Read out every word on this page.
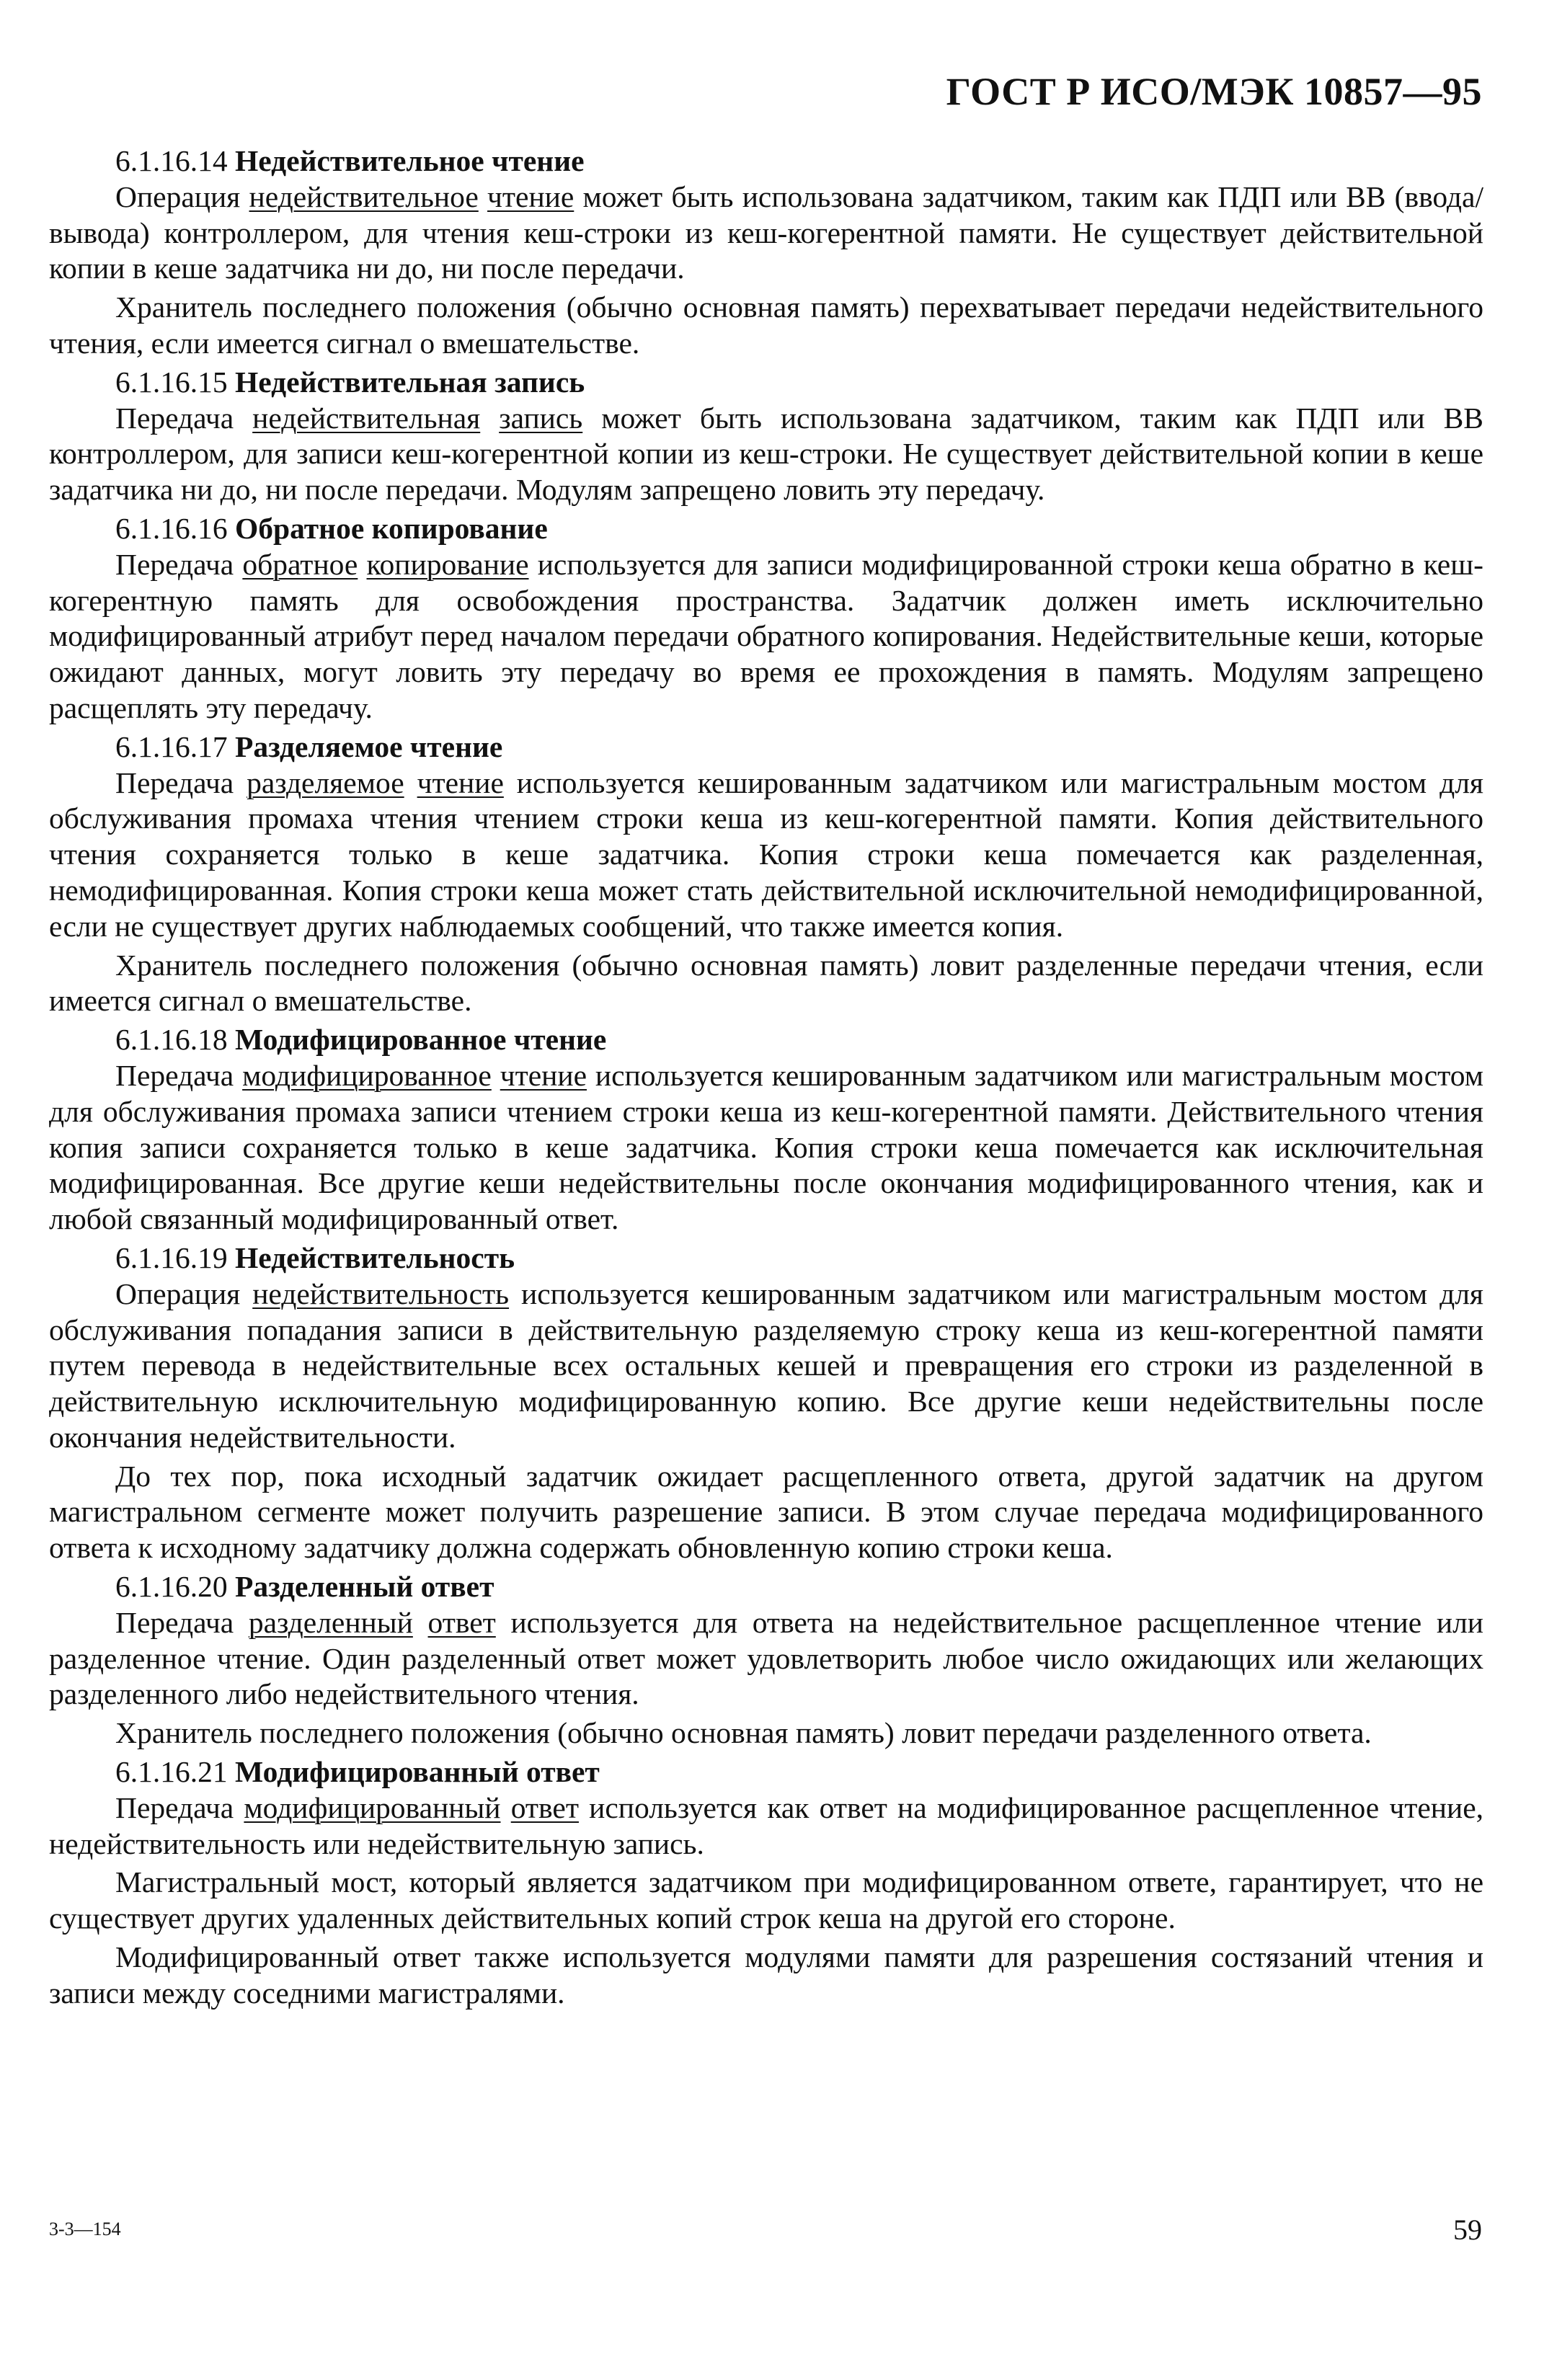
ГОСТ Р ИСО/МЭК 10857—95

6.1.16.14 Недействительное чтение

Операция недействительное чтение может быть использована задатчиком, таким как ПДП или ВВ (ввода/вывода) контроллером, для чтения кеш-строки из кеш-когерентной памяти. Не существует действительной копии в кеше задатчика ни до, ни после передачи.

Хранитель последнего положения (обычно основная память) перехватывает передачи недействительного чтения, если имеется сигнал о вмешательстве.

6.1.16.15 Недействительная запись

Передача недействительная запись может быть использована задатчиком, таким как ПДП или ВВ контроллером, для записи кеш-когерентной копии из кеш-строки. Не существует действительной копии в кеше задатчика ни до, ни после передачи. Модулям запрещено ловить эту передачу.

6.1.16.16 Обратное копирование

Передача обратное копирование используется для записи модифицированной строки кеша обратно в кеш-когерентную память для освобождения пространства. Задатчик должен иметь исключительно модифицированный атрибут перед началом передачи обратного копирования. Недействительные кеши, которые ожидают данных, могут ловить эту передачу во время ее прохождения в память. Модулям запрещено расщеплять эту передачу.

6.1.16.17 Разделяемое чтение

Передача разделяемое чтение используется кешированным задатчиком или магистральным мостом для обслуживания промаха чтения чтением строки кеша из кеш-когерентной памяти. Копия действительного чтения сохраняется только в кеше задатчика. Копия строки кеша помечается как разделенная, немодифицированная. Копия строки кеша может стать действительной исключительной немодифицированной, если не существует других наблюдаемых сообщений, что также имеется копия.

Хранитель последнего положения (обычно основная память) ловит разделенные передачи чтения, если имеется сигнал о вмешательстве.

6.1.16.18 Модифицированное чтение

Передача модифицированное чтение используется кешированным задатчиком или магистральным мостом для обслуживания промаха записи чтением строки кеша из кеш-когерентной памяти. Действительного чтения копия записи сохраняется только в кеше задатчика. Копия строки кеша помечается как исключительная модифицированная. Все другие кеши недействительны после окончания модифицированного чтения, как и любой связанный модифицированный ответ.

6.1.16.19 Недействительность

Операция недействительность используется кешированным задатчиком или магистральным мостом для обслуживания попадания записи в действительную разделяемую строку кеша из кеш-когерентной памяти путем перевода в недействительные всех остальных кешей и превращения его строки из разделенной в действительную исключительную модифицированную копию. Все другие кеши недействительны после окончания недействительности.

До тех пор, пока исходный задатчик ожидает расщепленного ответа, другой задатчик на другом магистральном сегменте может получить разрешение записи. В этом случае передача модифицированного ответа к исходному задатчику должна содержать обновленную копию строки кеша.

6.1.16.20 Разделенный ответ

Передача разделенный ответ используется для ответа на недействительное расщепленное чтение или разделенное чтение. Один разделенный ответ может удовлетворить любое число ожидающих или желающих разделенного либо недействительного чтения.

Хранитель последнего положения (обычно основная память) ловит передачи разделенного ответа.

6.1.16.21 Модифицированный ответ

Передача модифицированный ответ используется как ответ на модифицированное расщепленное чтение, недействительность или недействительную запись.

Магистральный мост, который является задатчиком при модифицированном ответе, гарантирует, что не существует других удаленных действительных копий строк кеша на другой его стороне.

Модифицированный ответ также используется модулями памяти для разрешения состязаний чтения и записи между соседними магистралями.

3-3—154	59
